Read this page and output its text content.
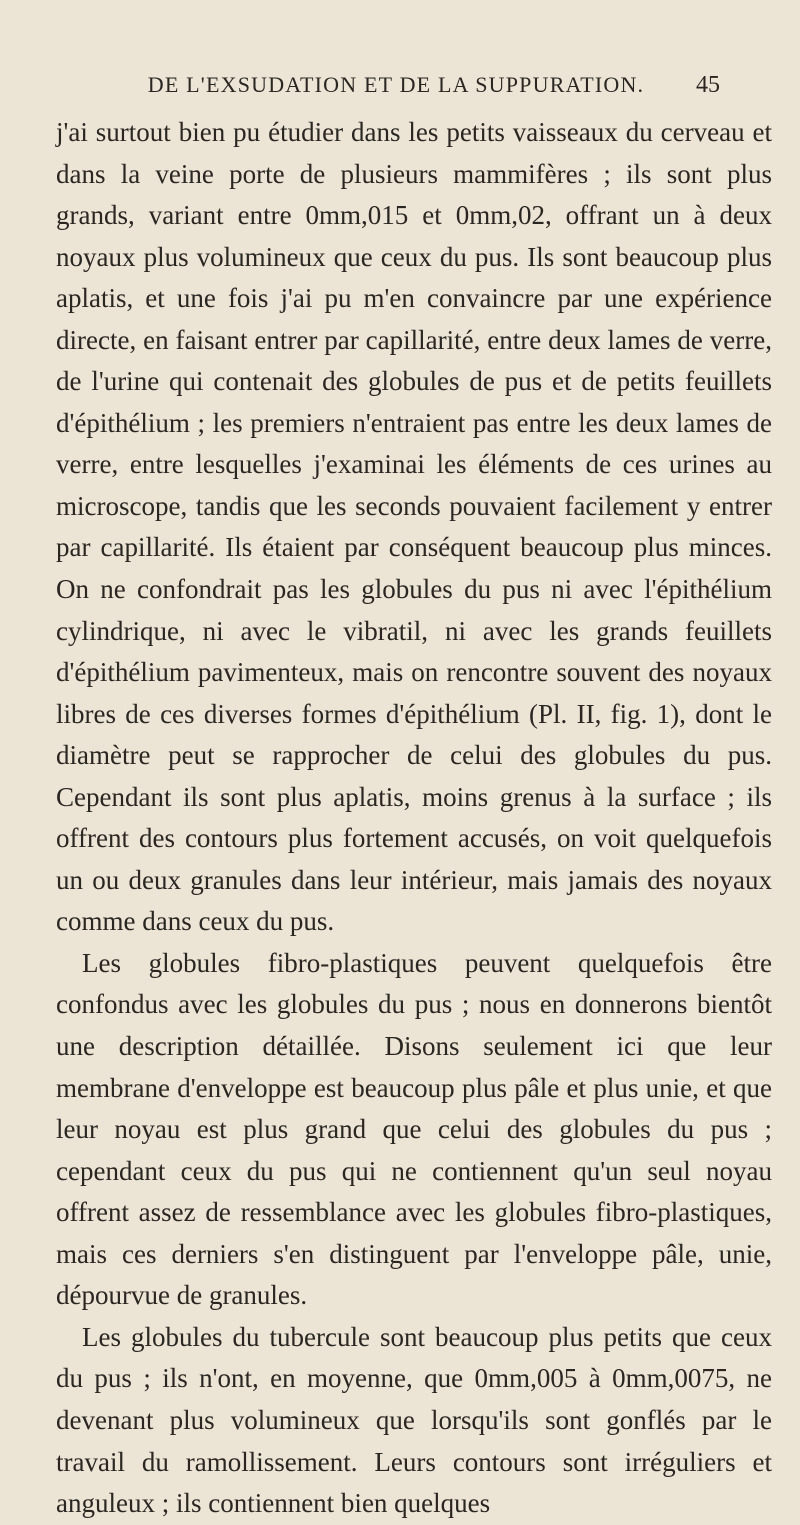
DE L'EXSUDATION ET DE LA SUPPURATION.	45

j'ai surtout bien pu étudier dans les petits vaisseaux du cerveau et dans la veine porte de plusieurs mammifères ; ils sont plus grands, variant entre 0mm,015 et 0mm,02, offrant un à deux noyaux plus volumineux que ceux du pus. Ils sont beaucoup plus aplatis, et une fois j'ai pu m'en convaincre par une expérience directe, en faisant entrer par capillarité, entre deux lames de verre, de l'urine qui contenait des globules de pus et de petits feuillets d'épithélium ; les premiers n'entraient pas entre les deux lames de verre, entre lesquelles j'examinai les éléments de ces urines au microscope, tandis que les seconds pouvaient facilement y entrer par capillarité. Ils étaient par conséquent beaucoup plus minces. On ne confondrait pas les globules du pus ni avec l'épithélium cylindrique, ni avec le vibratil, ni avec les grands feuillets d'épithélium pavimenteux, mais on rencontre souvent des noyaux libres de ces diverses formes d'épithélium (Pl. II, fig. 1), dont le diamètre peut se rapprocher de celui des globules du pus. Cependant ils sont plus aplatis, moins grenus à la surface ; ils offrent des contours plus fortement accusés, on voit quelquefois un ou deux granules dans leur intérieur, mais jamais des noyaux comme dans ceux du pus.

Les globules fibro-plastiques peuvent quelquefois être confondus avec les globules du pus ; nous en donnerons bientôt une description détaillée. Disons seulement ici que leur membrane d'enveloppe est beaucoup plus pâle et plus unie, et que leur noyau est plus grand que celui des globules du pus ; cependant ceux du pus qui ne contiennent qu'un seul noyau offrent assez de ressemblance avec les globules fibro-plastiques, mais ces derniers s'en distinguent par l'enveloppe pâle, unie, dépourvue de granules.

Les globules du tubercule sont beaucoup plus petits que ceux du pus ; ils n'ont, en moyenne, que 0mm,005 à 0mm,0075, ne devenant plus volumineux que lorsqu'ils sont gonflés par le travail du ramollissement. Leurs contours sont irréguliers et anguleux ; ils contiennent bien quelques
